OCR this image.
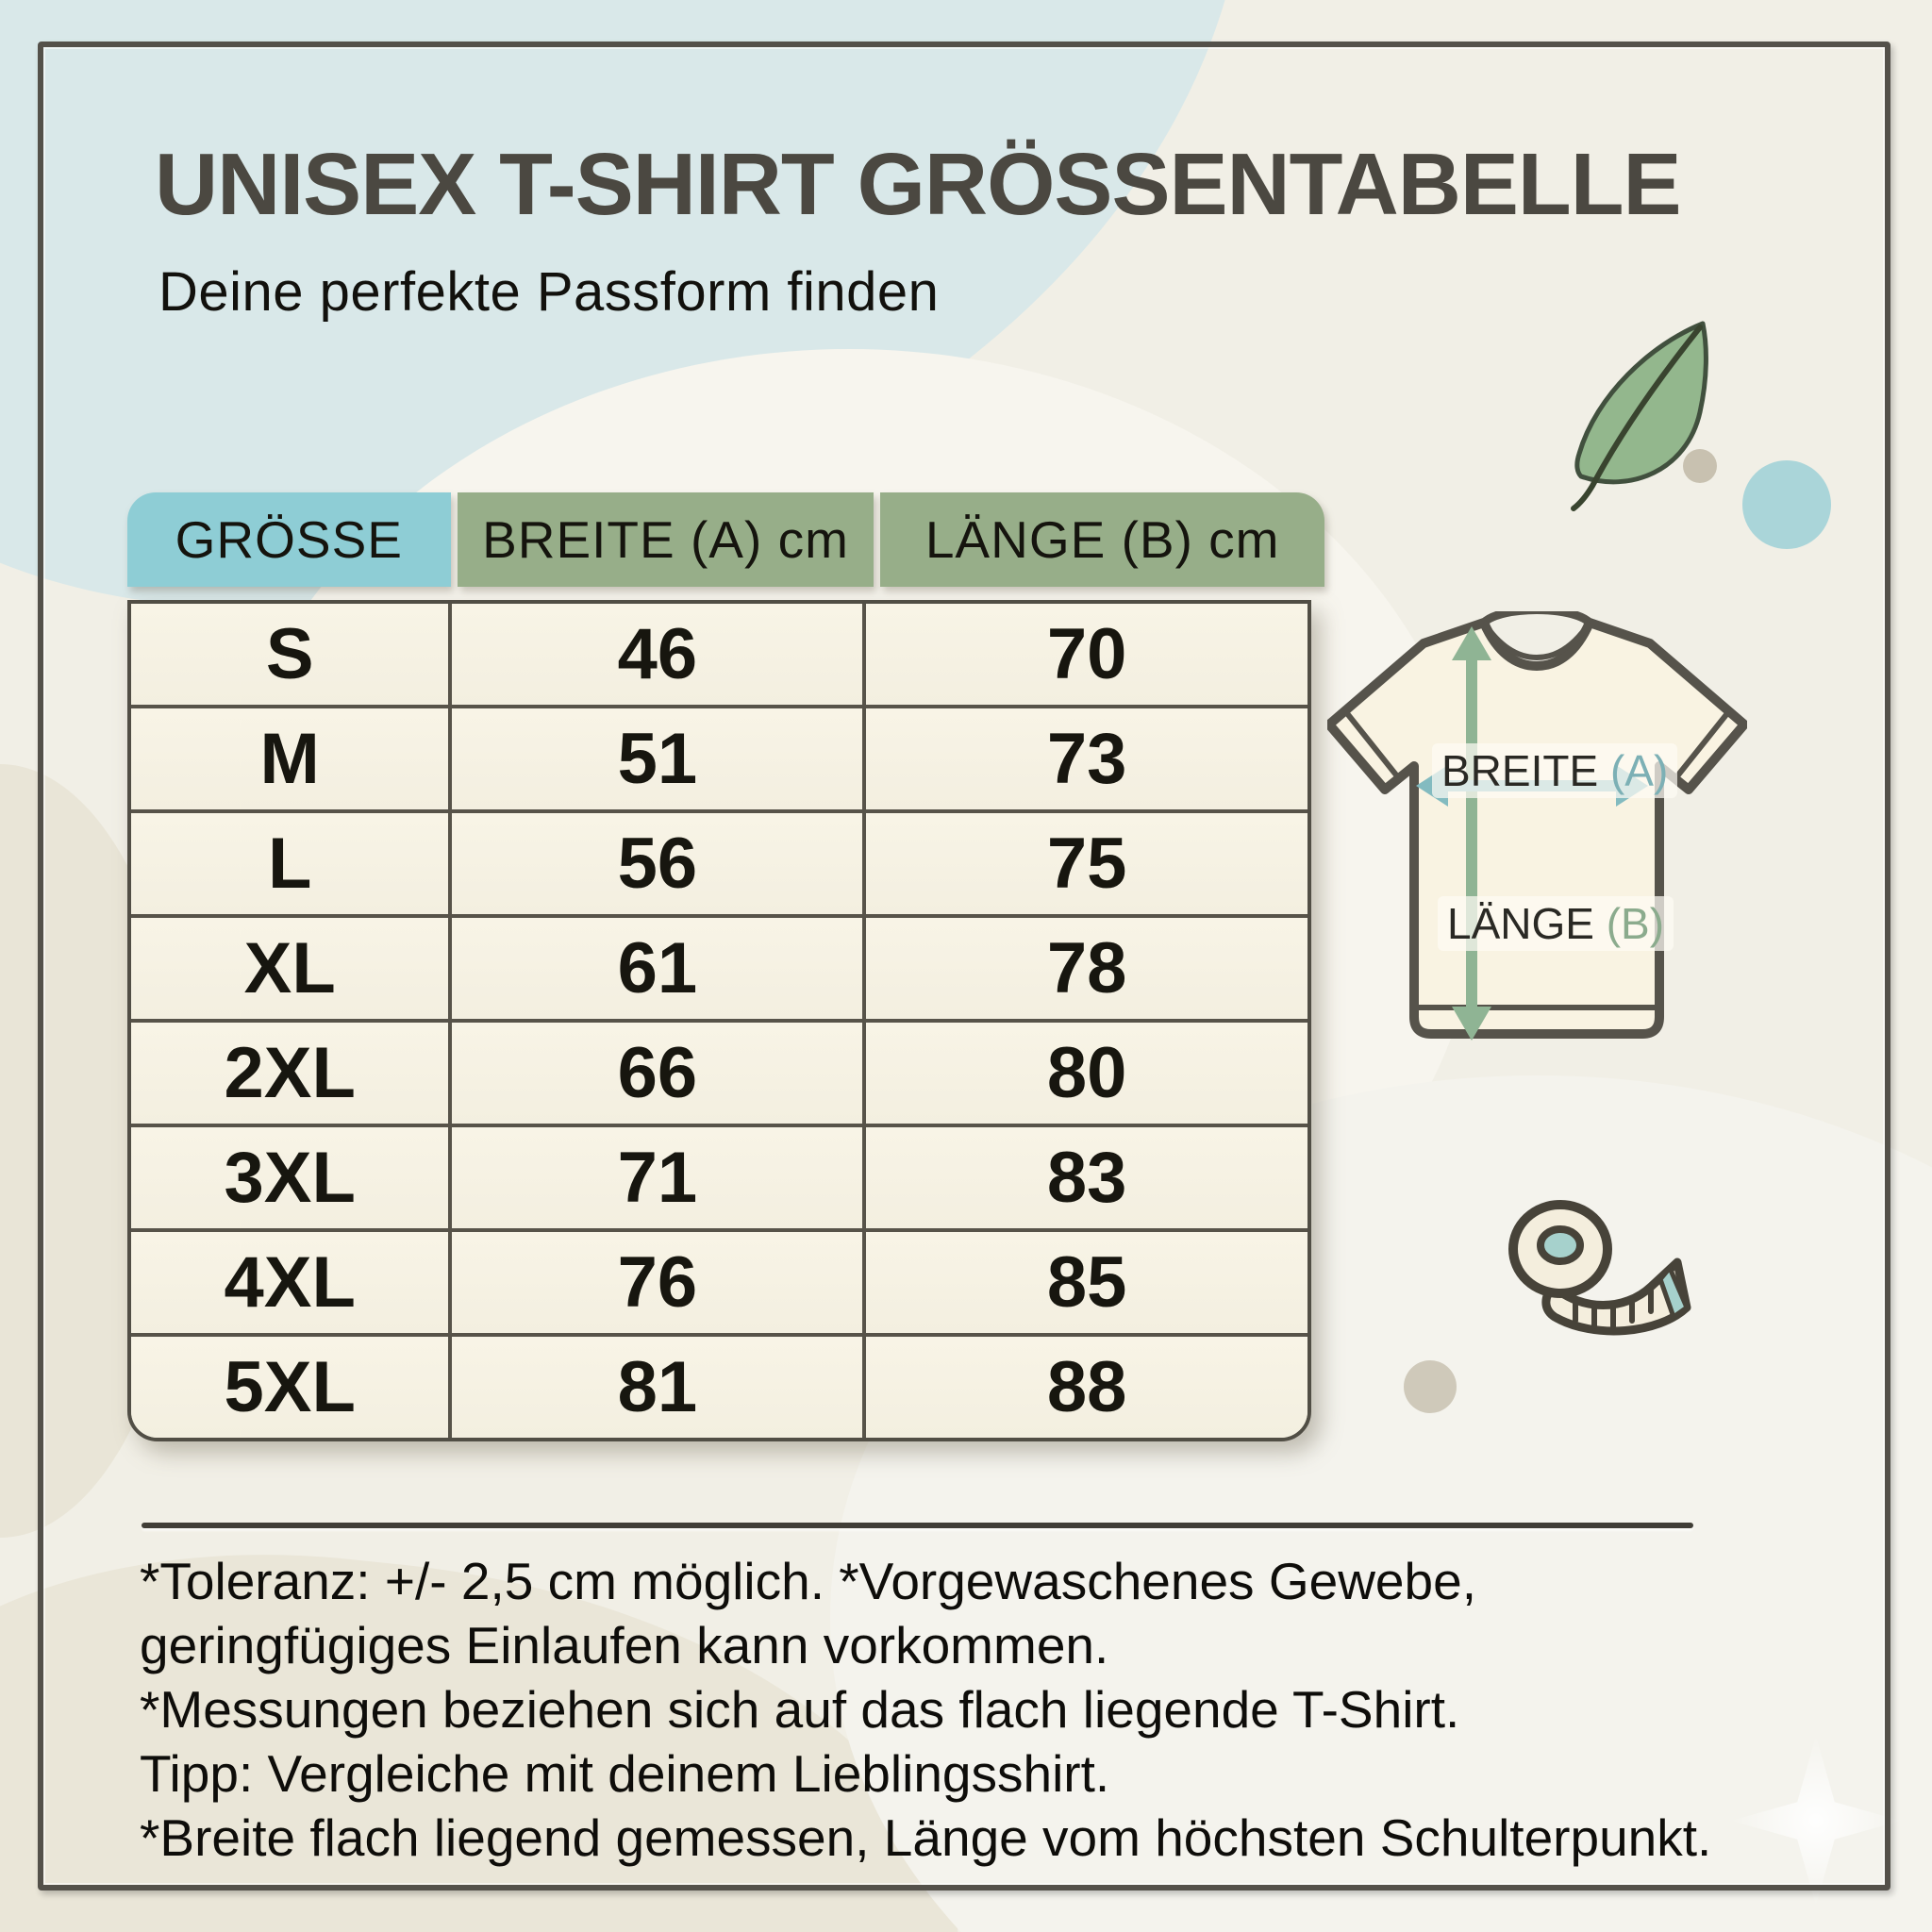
UNISEX T-SHIRT GRÖSSENTABELLE
Deine perfekte Passform finden
GRÖSSE	BREITE (A) cm	LÄNGE (B) cm
S	46	70
M	51	73
L	56	75
XL	61	78
2XL	66	80
3XL	71	83
4XL	76	85
5XL	81	88
BREITE (A)
LÄNGE (B)
*Toleranz: +/- 2,5 cm möglich. *Vorgewaschenes Gewebe,
geringfügiges Einlaufen kann vorkommen.
*Messungen beziehen sich auf das flach liegende T-Shirt.
Tipp: Vergleiche mit deinem Lieblingsshirt.
*Breite flach liegend gemessen, Länge vom höchsten Schulterpunkt.
